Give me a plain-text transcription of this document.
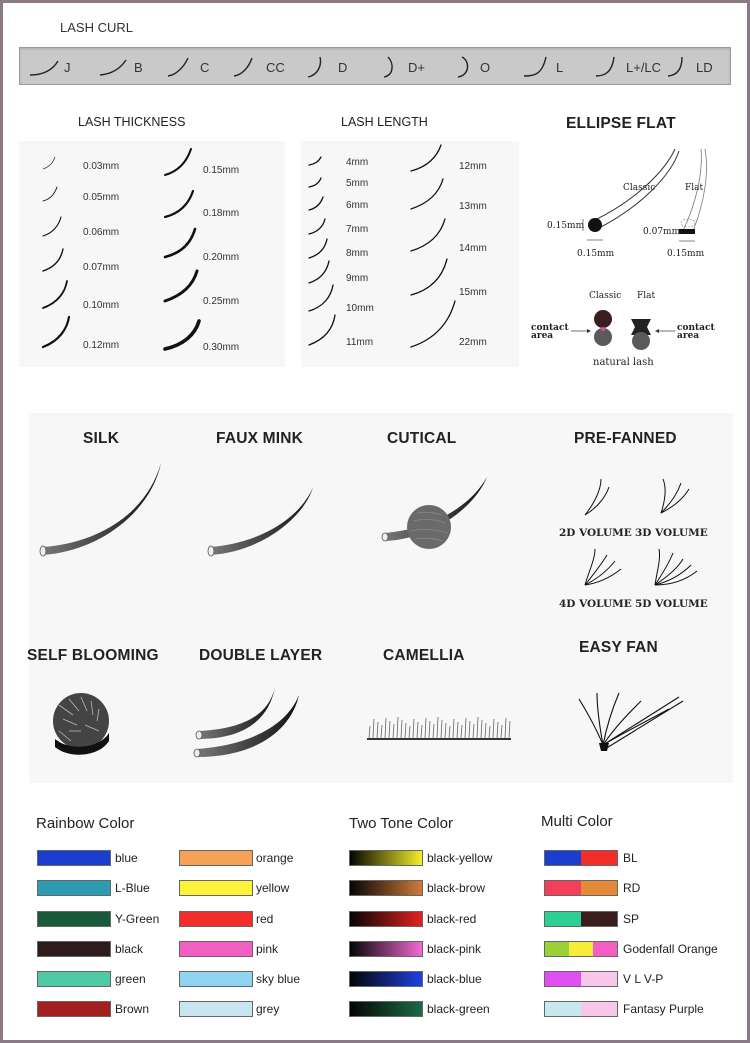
LASH CURL
J	B	C	CC	D	D+	O	L	L+/LC	LD
LASH THICKNESS	LASH LENGTH	ELLIPSE FLAT
0.03mm
0.05mm
0.06mm
0.07mm
0.10mm
0.12mm
0.15mm
0.18mm
0.20mm
0.25mm
0.30mm
4mm
5mm
6mm
7mm
8mm
9mm
10mm
11mm
12mm
13mm
14mm
15mm
22mm
Classic	Flat
0.15mm
0.15mm
0.07mm
0.15mm
Classic Flat
contact
area
contact
area
natural lash
SILK	FAUX MINK	CUTICAL	PRE-FANNED
2D VOLUME 3D VOLUME
4D VOLUME 5D VOLUME
SELF BLOOMING	DOUBLE LAYER	CAMELLIA	EASY FAN
Rainbow Color	Two Tone Color	Multi Color
blue
L-Blue
Y-Green
black
green
Brown
orange
yellow
red
pink
sky blue
grey
black-yellow
black-brow
black-red
black-pink
black-blue
black-green
BL
RD
SP
Godenfall Orange
V L V-P
Fantasy Purple
